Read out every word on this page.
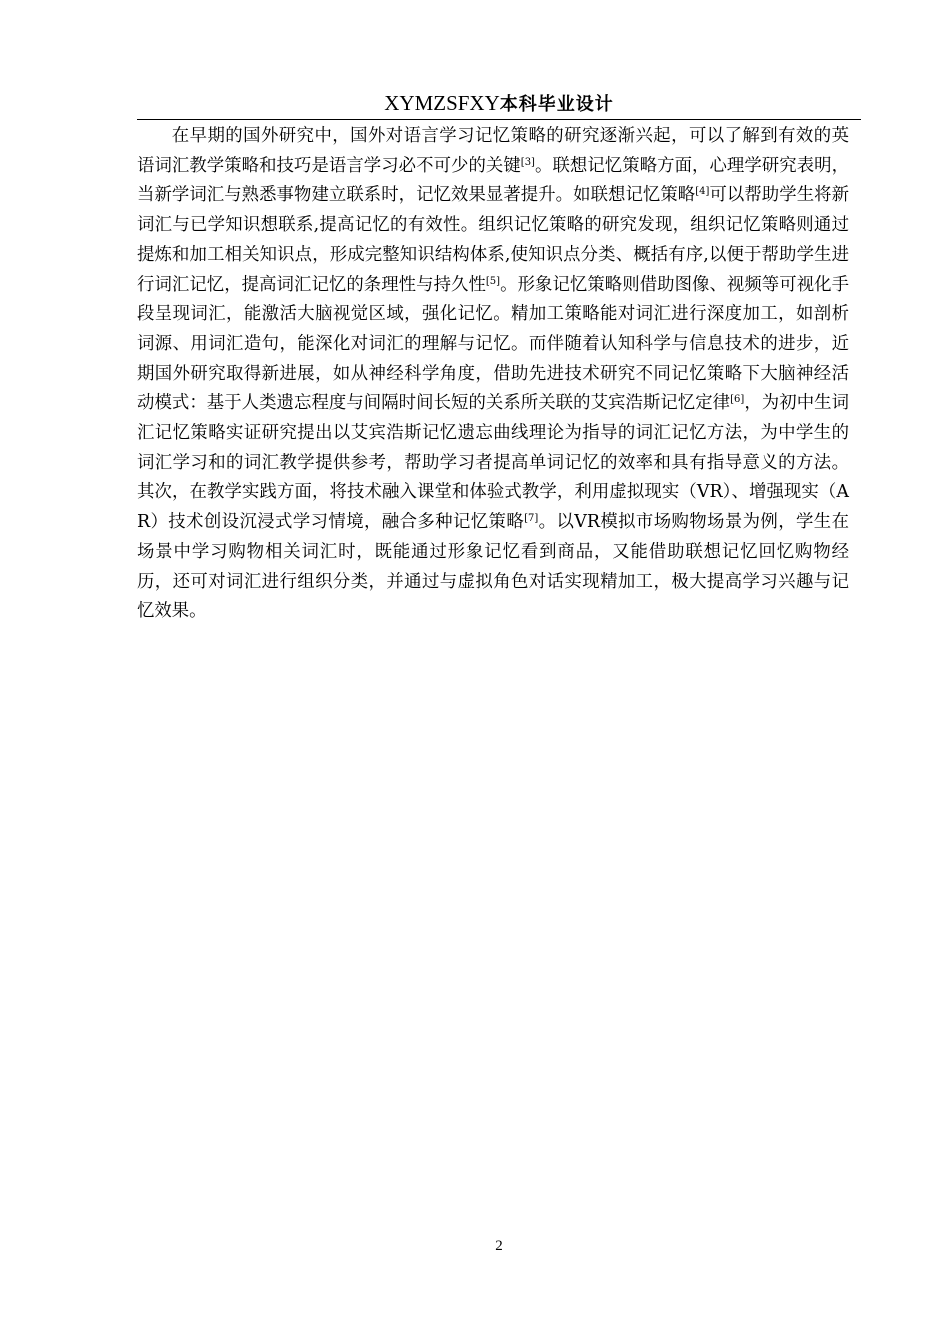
XYMZSFXY本科毕业设计

在早期的国外研究中，国外对语言学习记忆策略的研究逐渐兴起，可以了解到有效的英语词汇教学策略和技巧是语言学习必不可少的关键[3]。联想记忆策略方面，心理学研究表明，当新学词汇与熟悉事物建立联系时，记忆效果显著提升。如联想记忆策略[4]可以帮助学生将新词汇与已学知识想联系,提高记忆的有效性。组织记忆策略的研究发现，组织记忆策略则通过提炼和加工相关知识点，形成完整知识结构体系,使知识点分类、概括有序,以便于帮助学生进行词汇记忆，提高词汇记忆的条理性与持久性[5]。形象记忆策略则借助图像、视频等可视化手段呈现词汇，能激活大脑视觉区域，强化记忆。精加工策略能对词汇进行深度加工，如剖析词源、用词汇造句，能深化对词汇的理解与记忆。而伴随着认知科学与信息技术的进步，近期国外研究取得新进展，如从神经科学角度，借助先进技术研究不同记忆策略下大脑神经活动模式：基于人类遗忘程度与间隔时间长短的关系所关联的艾宾浩斯记忆定律[6]，为初中生词汇记忆策略实证研究提出以艾宾浩斯记忆遗忘曲线理论为指导的词汇记忆方法，为中学生的词汇学习和的词汇教学提供参考，帮助学习者提高单词记忆的效率和具有指导意义的方法。其次，在教学实践方面，将技术融入课堂和体验式教学，利用虚拟现实（VR）、增强现实（AR）技术创设沉浸式学习情境，融合多种记忆策略[7]。以VR模拟市场购物场景为例，学生在场景中学习购物相关词汇时，既能通过形象记忆看到商品，又能借助联想记忆回忆购物经历，还可对词汇进行组织分类，并通过与虚拟角色对话实现精加工，极大提高学习兴趣与记忆效果。

2
